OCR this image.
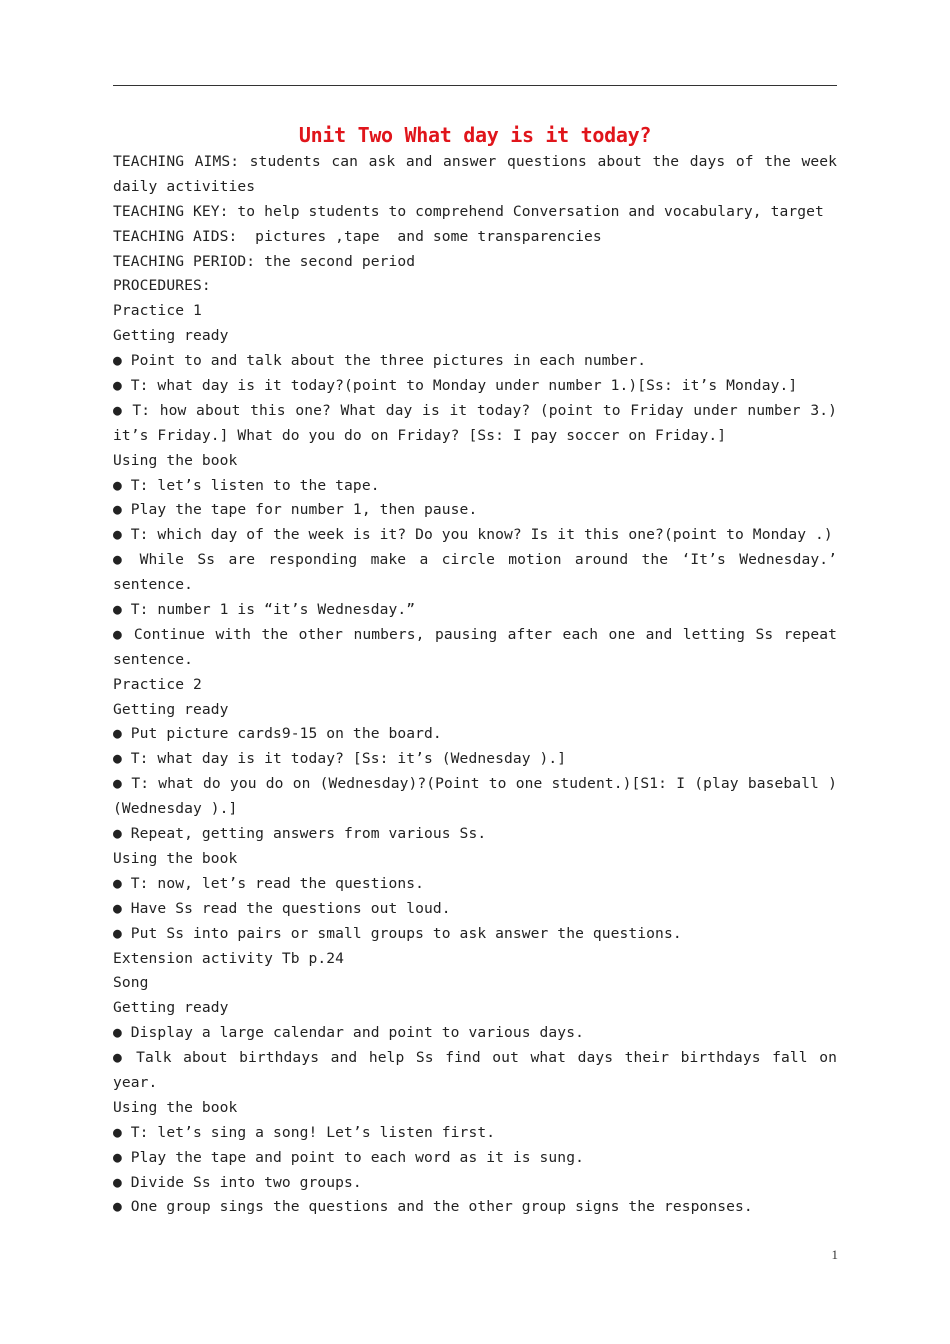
Unit Two What day is it today?
TEACHING AIMS: students can ask and answer questions about the days of the week
daily activities
TEACHING KEY: to help students to comprehend Conversation and vocabulary, target
TEACHING AIDS:  pictures ,tape  and some transparencies
TEACHING PERIOD: the second period
PROCEDURES:
Practice 1
Getting ready
● Point to and talk about the three pictures in each number.
● T: what day is it today?(point to Monday under number 1.)[Ss: it’s Monday.]
● T: how about this one? What day is it today? (point to Friday under number 3.)
it’s Friday.] What do you do on Friday? [Ss: I pay soccer on Friday.]
Using the book
● T: let’s listen to the tape.
● Play the tape for number 1, then pause.
● T: which day of the week is it? Do you know? Is it this one?(point to Monday .)
● While Ss are responding make a circle motion around the ‘It’s Wednesday.’
sentence.
● T: number 1 is “it’s Wednesday.”
● Continue with the other numbers, pausing after each one and letting Ss repeat
sentence.
Practice 2
Getting ready
● Put picture cards9-15 on the board.
● T: what day is it today? [Ss: it’s (Wednesday ).]
● T: what do you do on (Wednesday)?(Point to one student.)[S1: I (play baseball )
(Wednesday ).]
● Repeat, getting answers from various Ss.
Using the book
● T: now, let’s read the questions.
● Have Ss read the questions out loud.
● Put Ss into pairs or small groups to ask answer the questions.
Extension activity Tb p.24
Song
Getting ready
● Display a large calendar and point to various days.
● Talk about birthdays and help Ss find out what days their birthdays fall on
year.
Using the book
● T: let’s sing a song! Let’s listen first.
● Play the tape and point to each word as it is sung.
● Divide Ss into two groups.
● One group sings the questions and the other group signs the responses.
1
